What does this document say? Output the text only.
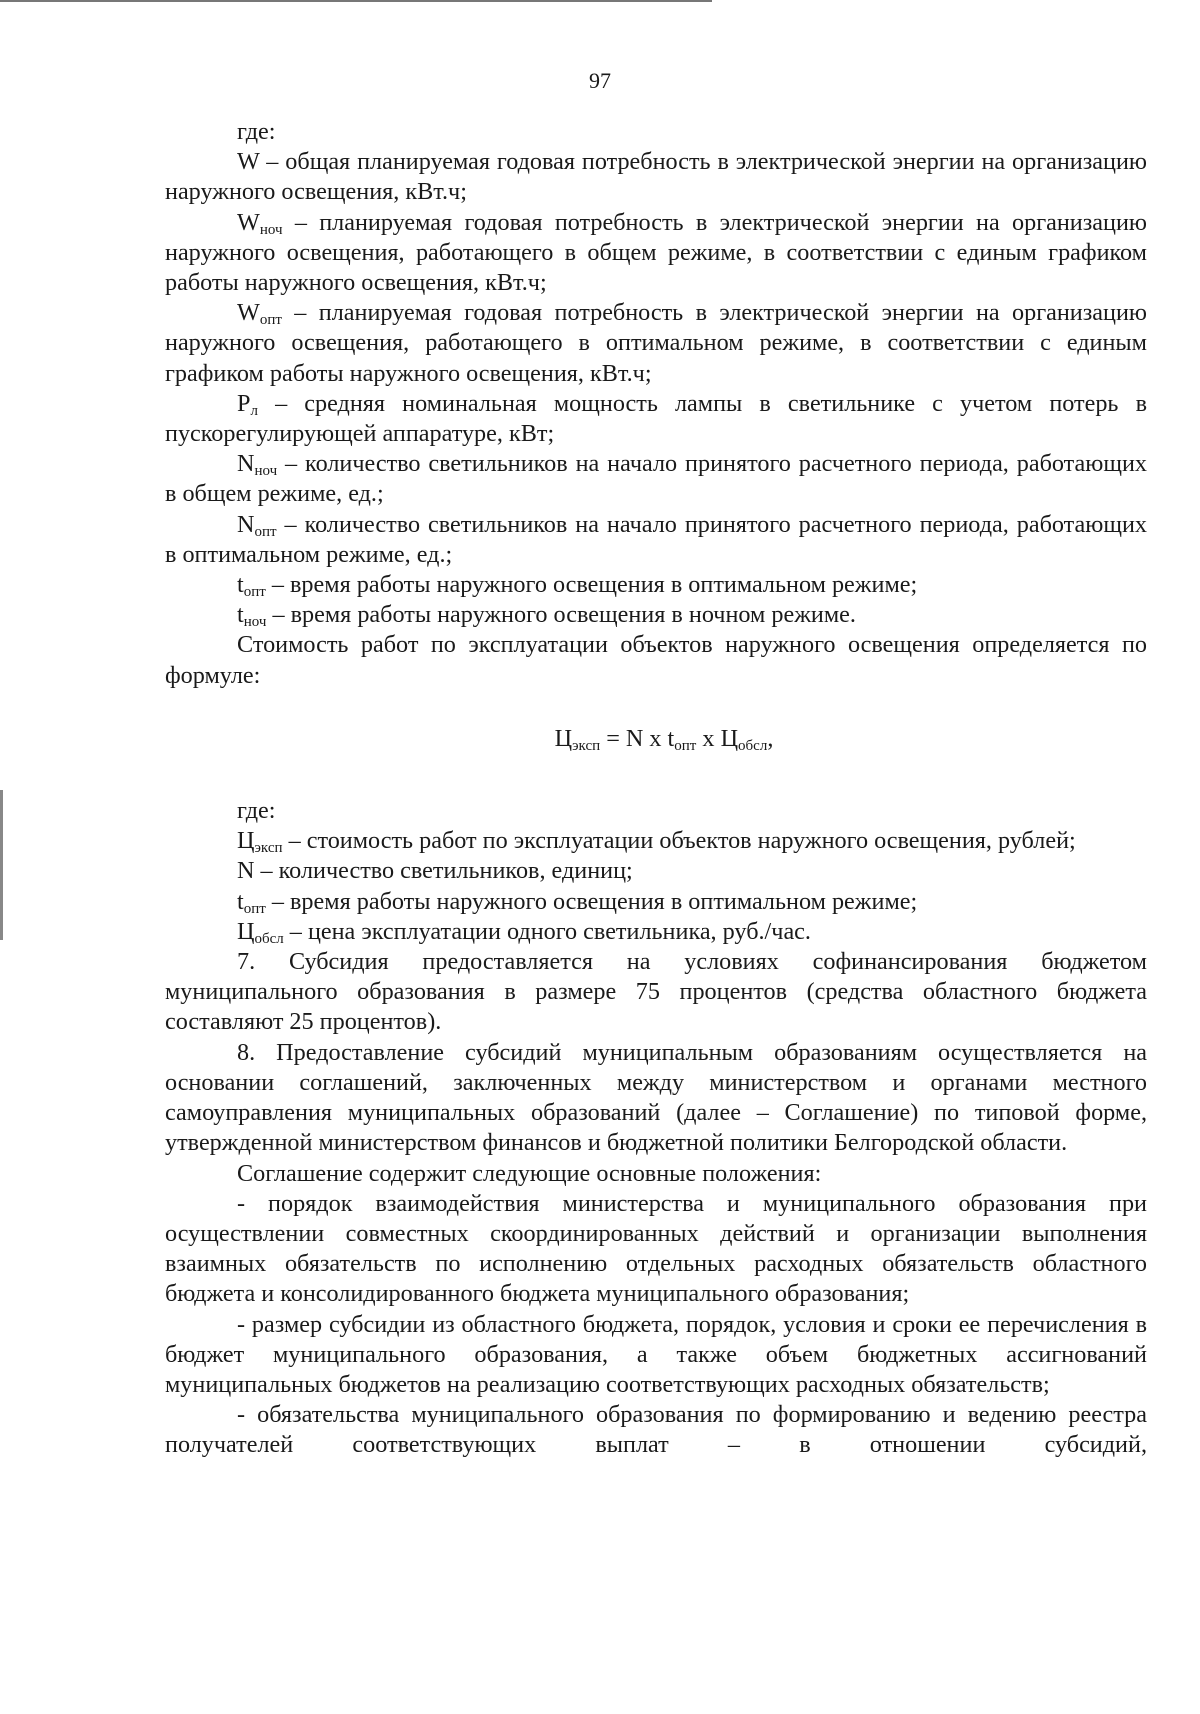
97

где:

W – общая планируемая годовая потребность в электрической энергии на организацию наружного освещения, кВт.ч;

$W_{ноч}$ – планируемая годовая потребность в электрической энергии на организацию наружного освещения, работающего в общем режиме, в соответствии с единым графиком работы наружного освещения, кВт.ч;

$W_{опт}$ – планируемая годовая потребность в электрической энергии на организацию наружного освещения, работающего в оптимальном режиме, в соответствии с единым графиком работы наружного освещения, кВт.ч;

$Р_л$ – средняя номинальная мощность лампы в светильнике с учетом потерь в пускорегулирующей аппаратуре, кВт;

$N_{ноч}$ – количество светильников на начало принятого расчетного периода, работающих в общем режиме, ед.;

$N_{опт}$ – количество светильников на начало принятого расчетного периода, работающих в оптимальном режиме, ед.;

$t_{опт}$ – время работы наружного освещения в оптимальном режиме;

$t_{ноч}$ – время работы наружного освещения в ночном режиме.

Стоимость работ по эксплуатации объектов наружного освещения определяется по формуле:

$Ц_{эксп} = N$ x $t_{опт}$ x $Ц_{обсл}$,

где:

$Ц_{эксп}$ – стоимость работ по эксплуатации объектов наружного освещения, рублей;

N – количество светильников, единиц;

$t_{опт}$ – время работы наружного освещения в оптимальном режиме;

$Ц_{обсл}$ – цена эксплуатации одного светильника, руб./час.

7. Субсидия предоставляется на условиях софинансирования бюджетом муниципального образования в размере 75 процентов (средства областного бюджета составляют 25 процентов).

8. Предоставление субсидий муниципальным образованиям осуществляется на основании соглашений, заключенных между министерством и органами местного самоуправления муниципальных образований (далее – Соглашение) по типовой форме, утвержденной министерством финансов и бюджетной политики Белгородской области.

Соглашение содержит следующие основные положения:

- порядок взаимодействия министерства и муниципального образования при осуществлении совместных скоординированных действий и организации выполнения взаимных обязательств по исполнению отдельных расходных обязательств областного бюджета и консолидированного бюджета муниципального образования;

- размер субсидии из областного бюджета, порядок, условия и сроки ее перечисления в бюджет муниципального образования, а также объем бюджетных ассигнований муниципальных бюджетов на реализацию соответствующих расходных обязательств;

- обязательства муниципального образования по формированию и ведению реестра получателей соответствующих выплат – в отношении субсидий,
